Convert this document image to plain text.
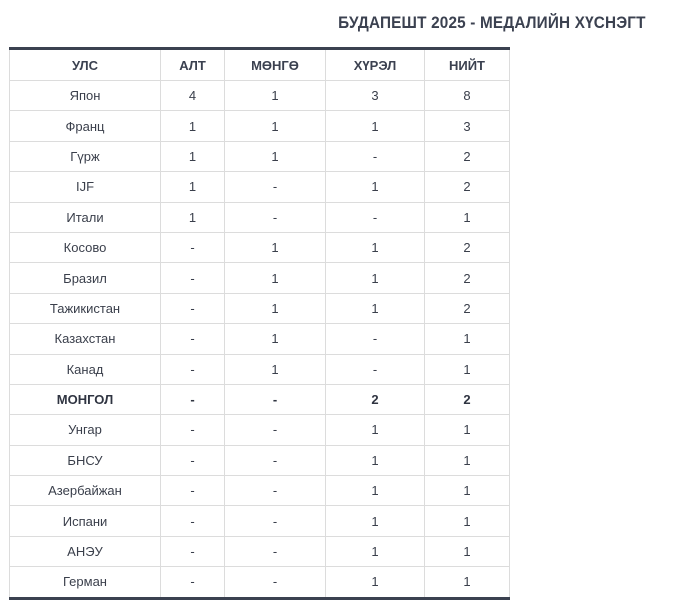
БУДАПЕШТ 2025 - МЕДАЛИЙН ХҮСНЭГТ
УЛС	АЛТ	МӨНГӨ	ХҮРЭЛ	НИЙТ
Япон	4	1	3	8
Франц	1	1	1	3
Гүрж	1	1	-	2
IJF	1	-	1	2
Итали	1	-	-	1
Косово	-	1	1	2
Бразил	-	1	1	2
Тажикистан	-	1	1	2
Казахстан	-	1	-	1
Канад	-	1	-	1
МОНГОЛ	-	-	2	2
Унгар	-	-	1	1
БНСУ	-	-	1	1
Азербайжан	-	-	1	1
Испани	-	-	1	1
АНЭУ	-	-	1	1
Герман	-	-	1	1
